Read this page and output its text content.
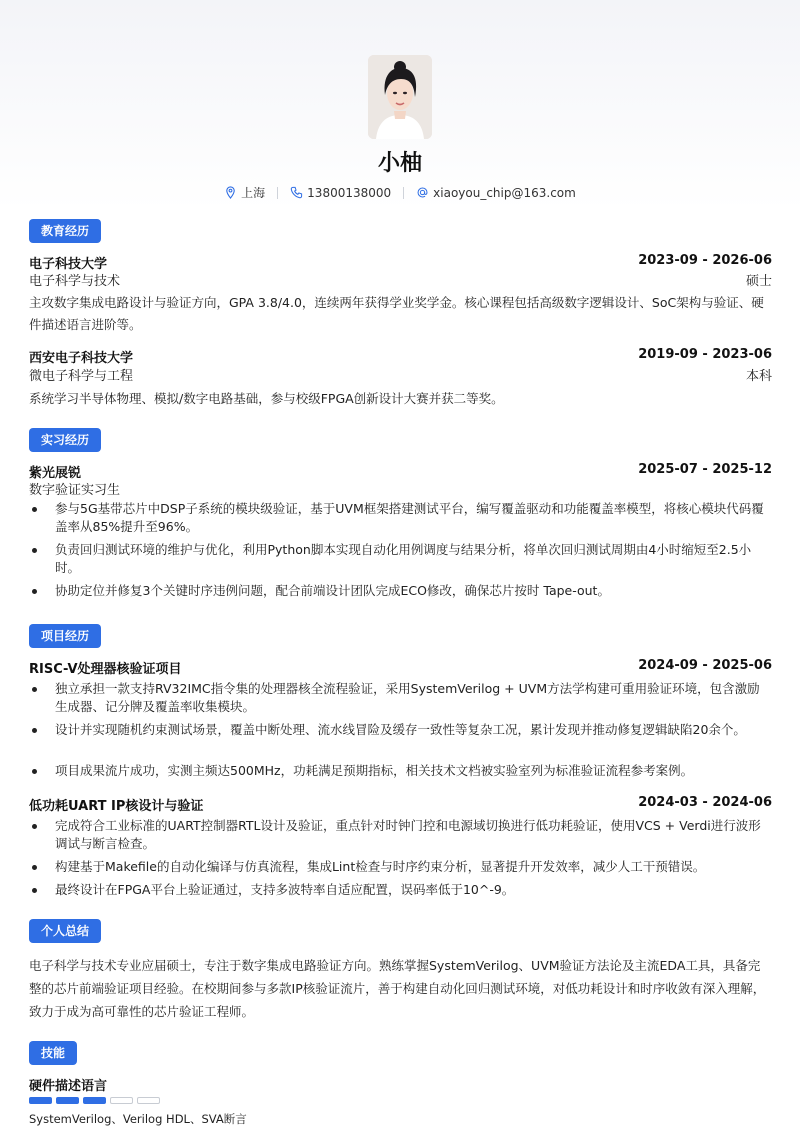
小柚
上海	13800138000	xiaoyou_chip@163.com
教育经历
电子科技大学	2023-09 - 2026-06
电子科学与技术	硕士
主攻数字集成电路设计与验证方向，GPA 3.8/4.0，连续两年获得学业奖学金。核心课程包括高级数字逻辑设计、SoC架构与验证、硬件描述语言进阶等。
西安电子科技大学	2019-09 - 2023-06
微电子科学与工程	本科
系统学习半导体物理、模拟/数字电路基础，参与校级FPGA创新设计大赛并获二等奖。
实习经历
紫光展锐	2025-07 - 2025-12
数字验证实习生
参与5G基带芯片中DSP子系统的模块级验证，基于UVM框架搭建测试平台，编写覆盖驱动和功能覆盖率模型，将核心模块代码覆盖率从85%提升至96%。
负责回归测试环境的维护与优化，利用Python脚本实现自动化用例调度与结果分析，将单次回归测试周期由4小时缩短至2.5小时。
协助定位并修复3个关键时序违例问题，配合前端设计团队完成ECO修改，确保芯片按时 Tape-out。
项目经历
RISC-V处理器核验证项目	2024-09 - 2025-06
独立承担一款支持RV32IMC指令集的处理器核全流程验证，采用SystemVerilog + UVM方法学构建可重用验证环境，包含激励生成器、记分牌及覆盖率收集模块。
设计并实现随机约束测试场景，覆盖中断处理、流水线冒险及缓存一致性等复杂工况，累计发现并推动修复逻辑缺陷20余个。
项目成果流片成功，实测主频达500MHz，功耗满足预期指标，相关技术文档被实验室列为标准验证流程参考案例。
低功耗UART IP核设计与验证	2024-03 - 2024-06
完成符合工业标准的UART控制器RTL设计及验证，重点针对时钟门控和电源域切换进行低功耗验证，使用VCS + Verdi进行波形调试与断言检查。
构建基于Makefile的自动化编译与仿真流程，集成Lint检查与时序约束分析，显著提升开发效率，减少人工干预错误。
最终设计在FPGA平台上验证通过，支持多波特率自适应配置，误码率低于10^-9。
个人总结
电子科学与技术专业应届硕士，专注于数字集成电路验证方向。熟练掌握SystemVerilog、UVM验证方法论及主流EDA工具，具备完整的芯片前端验证项目经验。在校期间参与多款IP核验证流片，善于构建自动化回归测试环境，对低功耗设计和时序收敛有深入理解，致力于成为高可靠性的芯片验证工程师。
技能
硬件描述语言
SystemVerilog、Verilog HDL、SVA断言
